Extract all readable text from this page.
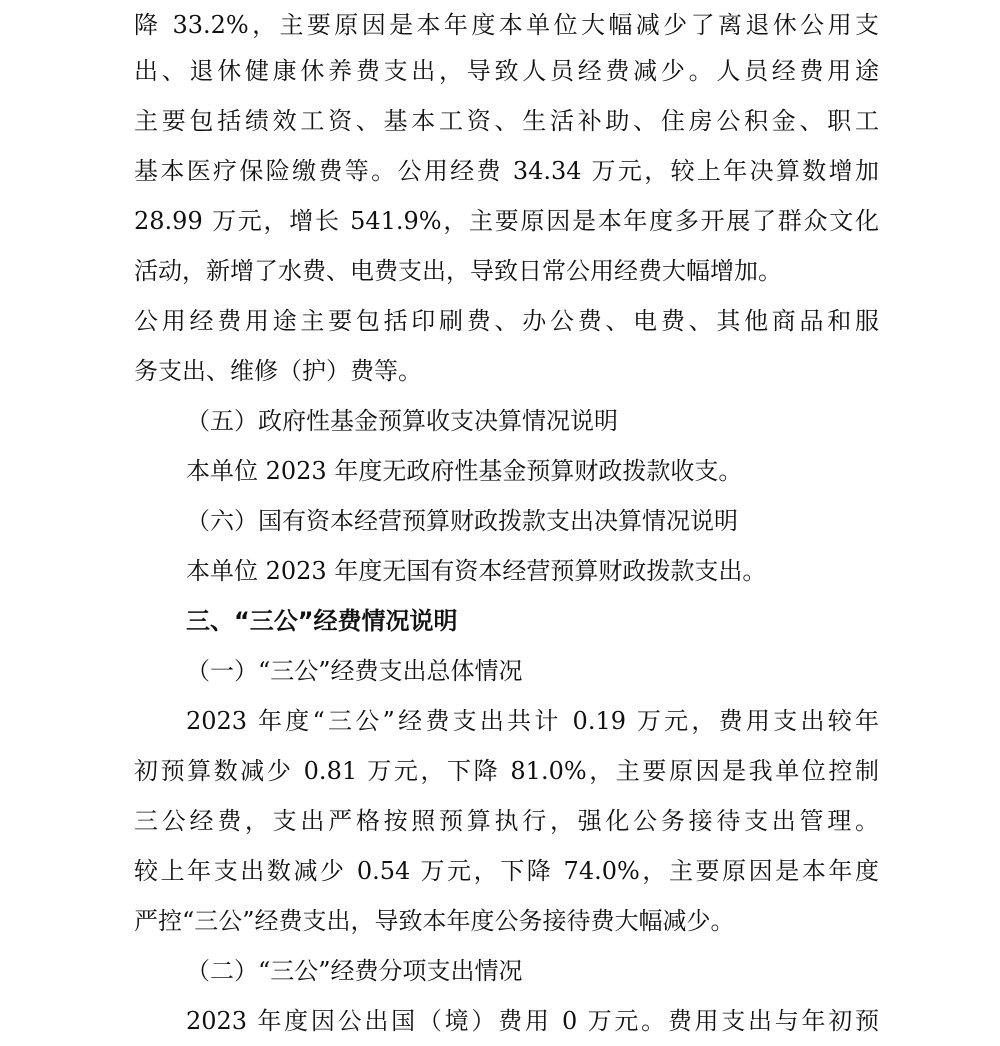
降 33.2%，主要原因是本年度本单位大幅减少了离退休公用支
出、退休健康休养费支出，导致人员经费减少。人员经费用途
主要包括绩效工资、基本工资、生活补助、住房公积金、职工
基本医疗保险缴费等。公用经费 34.34 万元，较上年决算数增加
28.99 万元，增长 541.9%，主要原因是本年度多开展了群众文化
活动，新增了水费、电费支出，导致日常公用经费大幅增加。
公用经费用途主要包括印刷费、办公费、电费、其他商品和服
务支出、维修（护）费等。
（五）政府性基金预算收支决算情况说明
本单位 2023 年度无政府性基金预算财政拨款收支。
（六）国有资本经营预算财政拨款支出决算情况说明
本单位 2023 年度无国有资本经营预算财政拨款支出。
三、“三公”经费情况说明
（一）“三公”经费支出总体情况
2023 年度“三公”经费支出共计 0.19 万元，费用支出较年
初预算数减少 0.81 万元，下降 81.0%，主要原因是我单位控制
三公经费，支出严格按照预算执行，强化公务接待支出管理。
较上年支出数减少 0.54 万元，下降 74.0%，主要原因是本年度
严控“三公”经费支出，导致本年度公务接待费大幅减少。
（二）“三公”经费分项支出情况
2023 年度因公出国（境）费用 0 万元。费用支出与年初预
